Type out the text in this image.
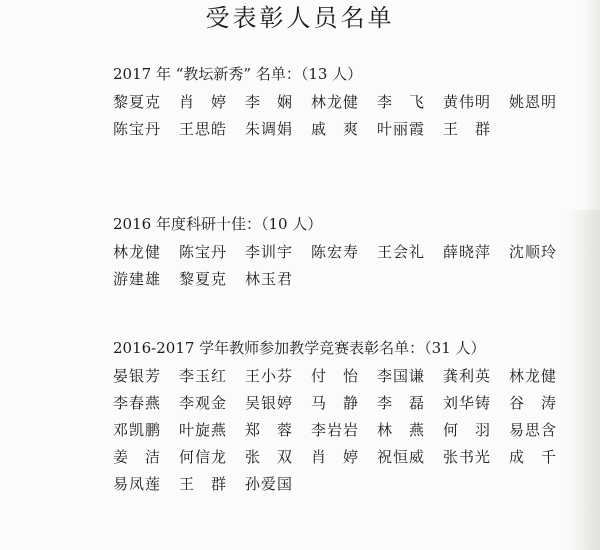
受表彰人员名单
2017 年 “教坛新秀” 名单：（13 人）
黎夏克	肖　婷	李　娴	林龙健	李　飞	黄伟明	姚恩明
陈宝丹	王思皓	朱调娟	戚　爽	叶丽霞	王　群
2016 年度科研十佳：（10 人）
林龙健	陈宝丹	李训宇	陈宏寿	王会礼	薛晓萍	沈顺玲
游建雄	黎夏克	林玉君
2016-2017 学年教师参加教学竞赛表彰名单：（31 人）
晏银芳	李玉红	王小芬	付　怡	李国谦	龚利英	林龙健
李春燕	李观金	吴银婷	马　静	李　磊	刘华铸	谷　涛
邓凯鹏	叶旋燕	郑　蓉	李岩岩	林　燕	何　羽	易思含
姜　洁	何信龙	张　双	肖　婷	祝恒威	张书光	成　千
易凤莲	王　群	孙爱国
